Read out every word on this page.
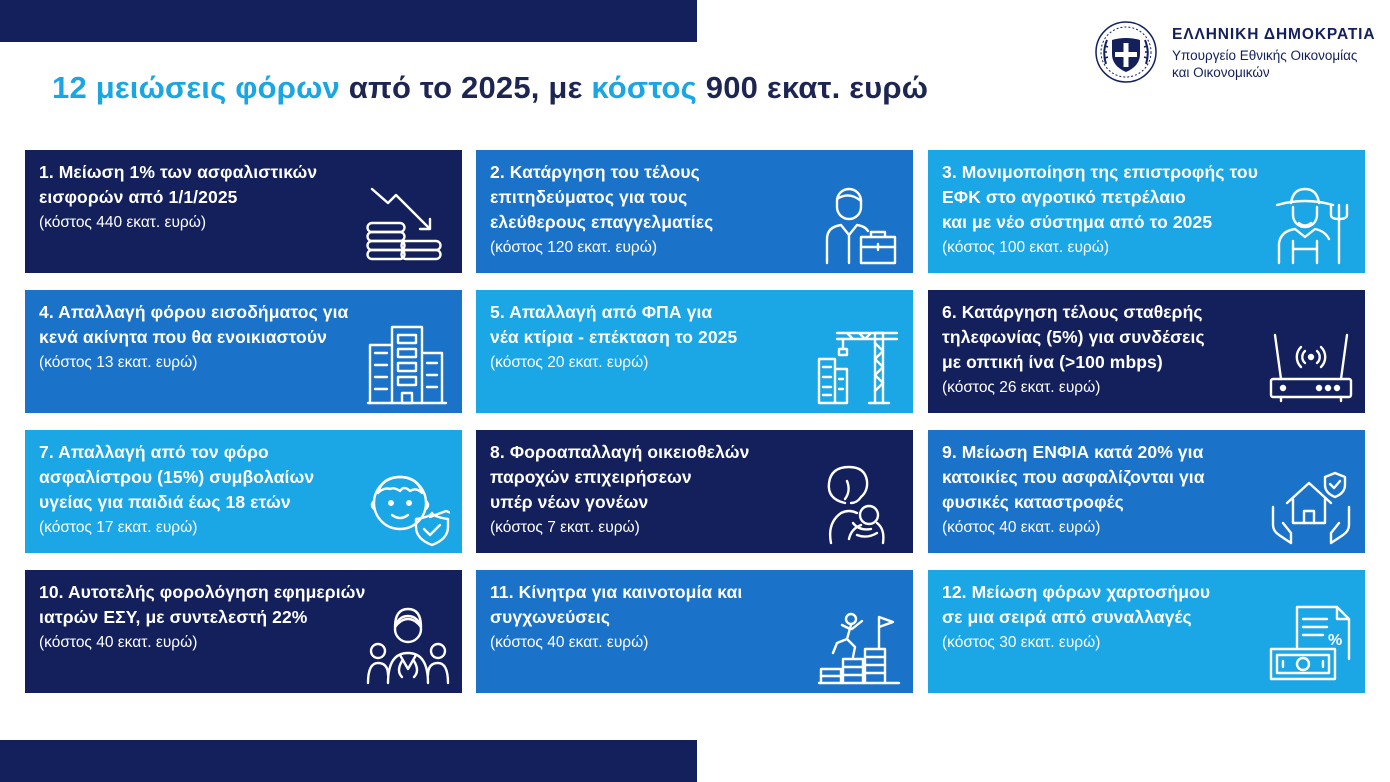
12 μειώσεις φόρων από το 2025, με κόστος 900 εκατ. ευρώ
ΕΛΛΗΝΙΚΗ ΔΗΜΟΚΡΑΤΙΑ
Υπουργείο Εθνικής Οικονομίας
και Οικονομικών
1. Μείωση 1% των ασφαλιστικών
εισφορών από 1/1/2025
(κόστος 440 εκατ. ευρώ)
2. Κατάργηση του τέλους
επιτηδεύματος για τους
ελεύθερους επαγγελματίες
(κόστος 120 εκατ. ευρώ)
3. Μονιμοποίηση της επιστροφής του
ΕΦΚ στο αγροτικό πετρέλαιο
και με νέο σύστημα από το 2025
(κόστος 100 εκατ. ευρώ)
4. Απαλλαγή φόρου εισοδήματος για
κενά ακίνητα που θα ενοικιαστούν
(κόστος 13 εκατ. ευρώ)
5. Απαλλαγή από ΦΠΑ για
νέα κτίρια - επέκταση το 2025
(κόστος 20 εκατ. ευρώ)
6. Κατάργηση τέλους σταθερής
τηλεφωνίας (5%) για συνδέσεις
με οπτική ίνα (>100 mbps)
(κόστος 26 εκατ. ευρώ)
7. Απαλλαγή από τον φόρο
ασφαλίστρου (15%) συμβολαίων
υγείας για παιδιά έως 18 ετών
(κόστος 17 εκατ. ευρώ)
8. Φοροαπαλλαγή οικειοθελών
παροχών επιχειρήσεων
υπέρ νέων γονέων
(κόστος 7 εκατ. ευρώ)
9. Μείωση ΕΝΦΙΑ κατά 20% για
κατοικίες που ασφαλίζονται για
φυσικές καταστροφές
(κόστος 40 εκατ. ευρώ)
10. Αυτοτελής φορολόγηση εφημεριών
ιατρών ΕΣΥ, με συντελεστή 22%
(κόστος 40 εκατ. ευρώ)
11. Κίνητρα για καινοτομία και
συγχωνεύσεις
(κόστος 40 εκατ. ευρώ)
12. Μείωση φόρων χαρτοσήμου
σε μια σειρά από συναλλαγές
(κόστος 30 εκατ. ευρώ)	%
